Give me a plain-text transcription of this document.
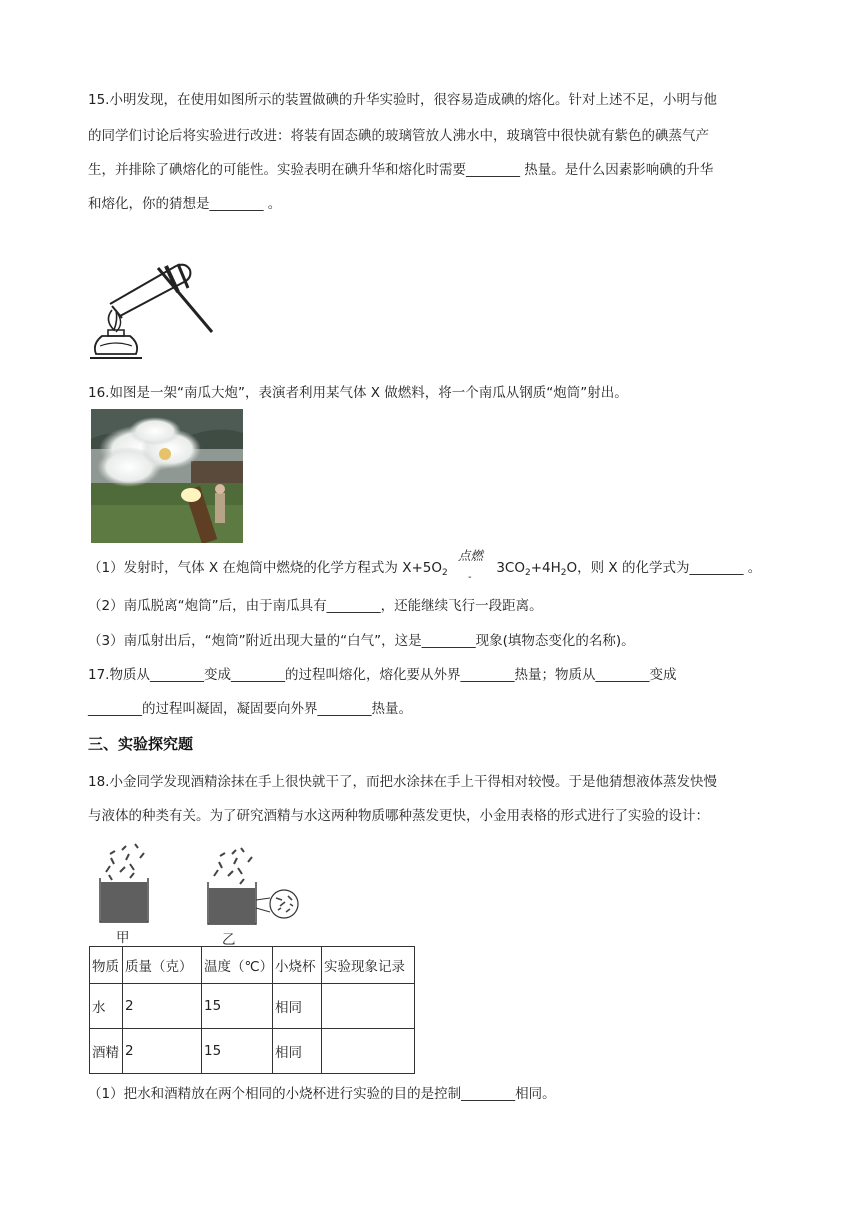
15.小明发现，在使用如图所示的装置做碘的升华实验时，很容易造成碘的熔化。针对上述不足，小明与他
的同学们讨论后将实验进行改进：将装有固态碘的玻璃管放人沸水中，玻璃管中很快就有紫色的碘蒸气产
生，并排除了碘熔化的可能性。实验表明在碘升华和熔化时需要________ 热量。是什么因素影响碘的升华
和熔化，你的猜想是________ 。
16.如图是一架“南瓜大炮”，表演者利用某气体 X 做燃料，将一个南瓜从钢质“炮筒”射出。
（1）发射时，气体 X 在炮筒中燃烧的化学方程式为 $X+5O_2$
点燃
-
$3CO_2+4H_2O$，则 X 的化学式为________ 。
（2）南瓜脱离“炮筒”后，由于南瓜具有________，还能继续飞行一段距离。
（3）南瓜射出后，“炮筒”附近出现大量的“白气”，这是________现象(填物态变化的名称)。
17.物质从________变成________的过程叫熔化，熔化要从外界________热量；物质从________变成
________的过程叫凝固，凝固要向外界________热量。
三、实验探究题
18.小金同学发现酒精涂抹在手上很快就干了，而把水涂抹在手上干得相对较慢。于是他猜想液体蒸发快慢
与液体的种类有关。为了研究酒精与水这两种物质哪种蒸发更快，小金用表格的形式进行了实验的设计：
甲	乙
物质	质量（克）	温度（℃）	小烧杯	实验现象记录
水	2	15	相同	
酒精	2	15	相同	
（1）把水和酒精放在两个相同的小烧杯进行实验的目的是控制________相同。
